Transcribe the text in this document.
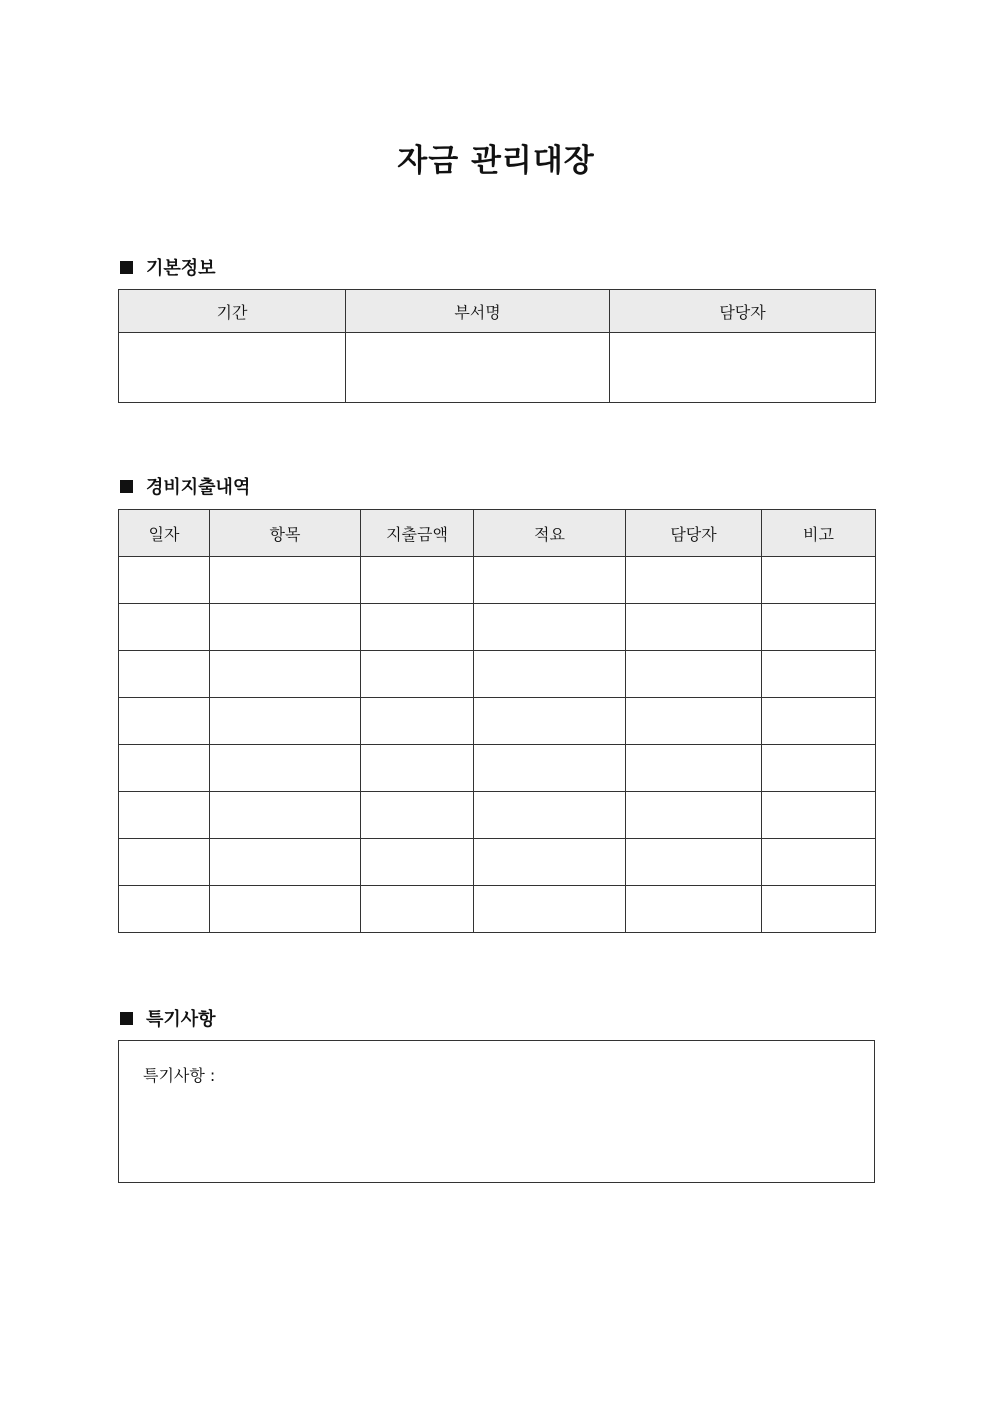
자금 관리대장
기본정보
기간	부서명	담당자

경비지출내역
일자	항목	지출금액	적요	담당자	비고

특기사항
특기사항 :
